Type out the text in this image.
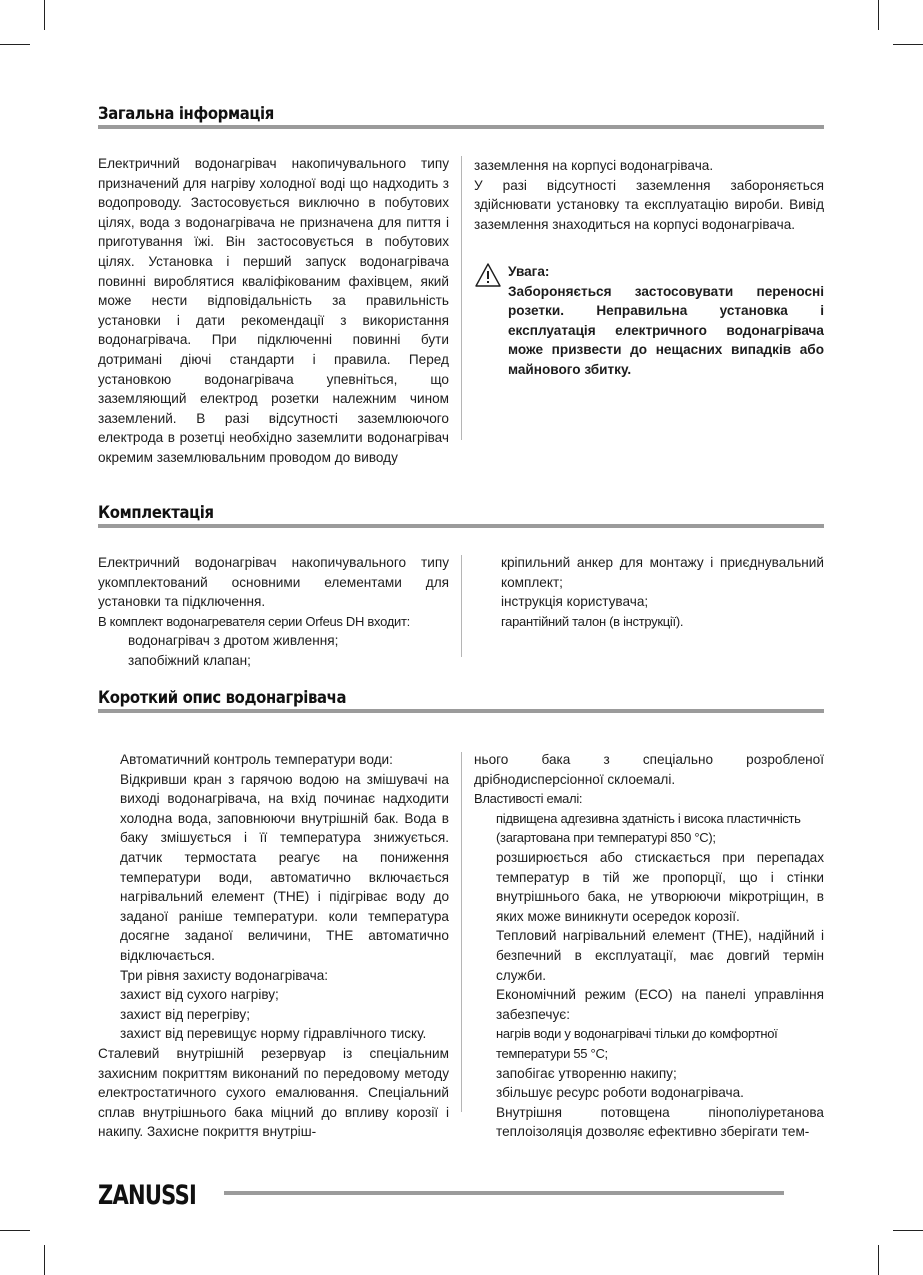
Загальна інформація

Електричний водонагрівач накопичувального типу призначений для нагріву холодної воді що надходить з водопроводу. Застосовується виключно в побутових цілях, вода з водонагрівача не призначена для пиття і приготування їжі. Він застосовується в побутових цілях. Установка і перший запуск водонагрівача повинні вироблятися кваліфікованим фахівцем, який може нести відповідальність за правильність установки і дати рекомендації з використання водонагрівача. При підключенні повинні бути дотримані діючі стандарти і правила. Перед установкою водонагрівача упевніться, що заземляющий електрод розетки належним чином заземлений. В разі відсутності заземлюючого електрода в розетці необхідно заземлити водонагрівач окремим заземлювальним проводом до виводу

заземлення на корпусі водонагрівача.

У разі відсутності заземлення забороняється здійснювати установку та експлуатацію вироби. Вивід заземлення знаходиться на корпусі водонагрівача.

Увага:
Забороняється застосовувати переносні розетки. Неправильна установка і експлуатація електричного водонагрівача може призвести до нещасних випадків або майнового збитку.
Комплектація

Електричний водонагрівач накопичувального типу укомплектований основними елементами для установки та підключення.

В комплект водонагревателя серии Orfeus DH входит:

водонагрівач з дротом живлення;

запобіжний клапан;

кріпильний анкер для монтажу і приєднувальний комплект;

інструкція користувача;

гарантійний талон (в інструкції).

Короткий опис водонагрівача

Автоматичний контроль температури води:

Відкривши кран з гарячою водою на змішувачі на виході водонагрівача, на вхід починає надходити холодна вода, заповнюючи внутрішній бак. Вода в баку змішується і її температура знижується. датчик термостата реагує на пониження температури води, автоматично включається нагрівальний елемент (ТНЕ) і підігріває воду до заданої раніше температури. коли температура досягне заданої величини, ТНЕ автоматично відключається.

Три рівня захисту водонагрівача:

захист від сухого нагріву;

захист від перегріву;

захист від перевищує норму гідравлічного тиску.

Сталевий внутрішній резервуар із спеціальним захисним покриттям виконаний по передовому методу електростатичного сухого емалювання. Спеціальний сплав внутрішнього бака міцний до впливу корозії і накипу. Захисне покриття внутріш-

нього бака з спеціально розробленої дрібнодисперсіонної склоемалі.

Властивості емалі:

підвищена адгезивна здатність і висока пластичність (загартована при температурі 850 °С);

розширюється або стискається при перепадах температур в тій же пропорції, що і стінки внутрішнього бака, не утворюючи мікротріщин, в яких може виникнути осередок корозії.

Тепловий нагрівальний елемент (ТНЕ), надійний і безпечний в експлуатації, має довгий термін служби.

Економічний режим (ЕСО) на панелі управління забезпечує:

нагрів води у водонагрівачі тільки до комфортної температури 55 °С;

запобігає утворенню накипу;

збільшує ресурс роботи водонагрівача.

Внутрішня потовщена пінополіуретанова теплоізоляція дозволяє ефективно зберігати тем-

ZANUSSI
